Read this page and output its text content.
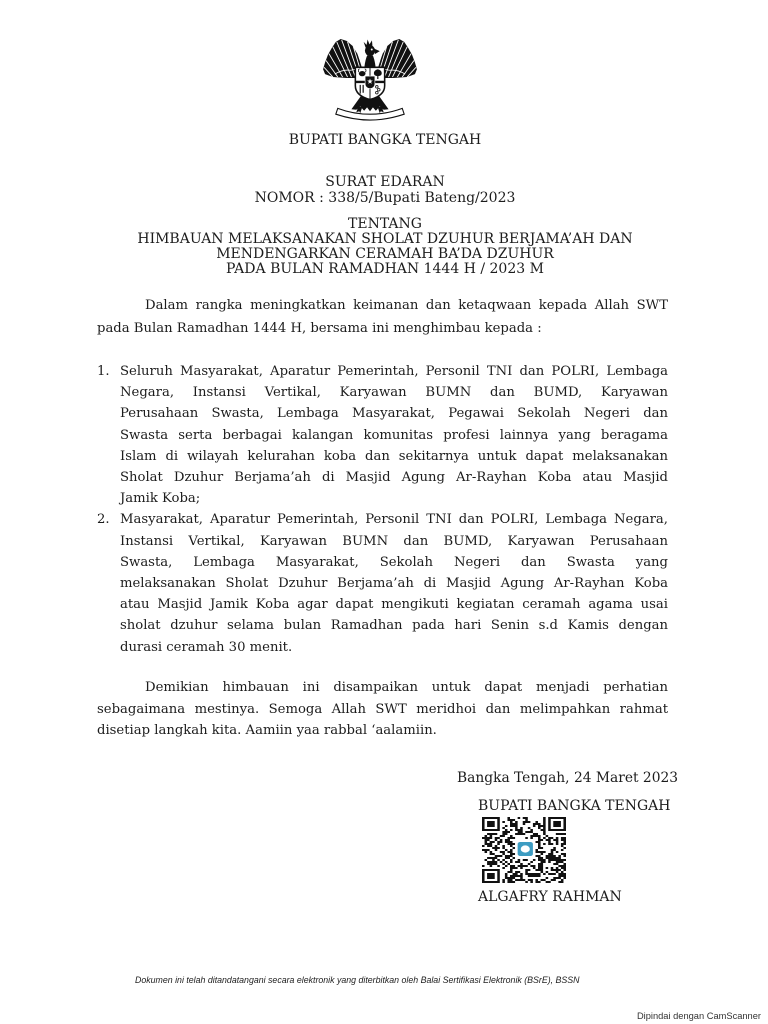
BUPATI BANGKA TENGAH
SURAT EDARAN
NOMOR : 338/5/Bupati Bateng/2023
TENTANG
HIMBAUAN MELAKSANAKAN SHOLAT DZUHUR BERJAMA’AH DAN
MENDENGARKAN CERAMAH BA’DA DZUHUR
PADA BULAN RAMADHAN 1444 H / 2023 M
Dalam rangka meningkatkan keimanan dan ketaqwaan kepada Allah SWT
pada Bulan Ramadhan 1444 H, bersama ini menghimbau kepada :
1. Seluruh Masyarakat, Aparatur Pemerintah, Personil TNI dan POLRI, Lembaga
Negara, Instansi Vertikal, Karyawan BUMN dan BUMD, Karyawan
Perusahaan Swasta, Lembaga Masyarakat, Pegawai Sekolah Negeri dan
Swasta serta berbagai kalangan komunitas profesi lainnya yang beragama
Islam di wilayah kelurahan koba dan sekitarnya untuk dapat melaksanakan
Sholat Dzuhur Berjama’ah di Masjid Agung Ar-Rayhan Koba atau Masjid
Jamik Koba;
2. Masyarakat, Aparatur Pemerintah, Personil TNI dan POLRI, Lembaga Negara,
Instansi Vertikal, Karyawan BUMN dan BUMD, Karyawan Perusahaan
Swasta, Lembaga Masyarakat, Sekolah Negeri dan Swasta yang
melaksanakan Sholat Dzuhur Berjama’ah di Masjid Agung Ar-Rayhan Koba
atau Masjid Jamik Koba agar dapat mengikuti kegiatan ceramah agama usai
sholat dzuhur selama bulan Ramadhan pada hari Senin s.d Kamis dengan
durasi ceramah 30 menit.
Demikian himbauan ini disampaikan untuk dapat menjadi perhatian
sebagaimana mestinya. Semoga Allah SWT meridhoi dan melimpahkan rahmat
disetiap langkah kita. Aamiin yaa rabbal ‘aalamiin.
Bangka Tengah, 24 Maret 2023
BUPATI BANGKA TENGAH
ALGAFRY RAHMAN
Dokumen ini telah ditandatangani secara elektronik yang diterbitkan oleh Balai Sertifikasi Elektronik (BSrE), BSSN
Dipindai dengan CamScanner
